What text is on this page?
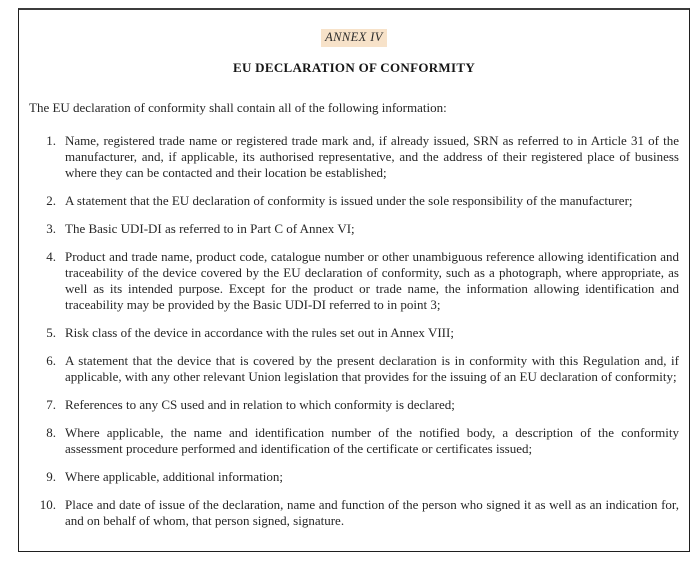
ANNEX IV
EU DECLARATION OF CONFORMITY

The EU declaration of conformity shall contain all of the following information:

1. Name, registered trade name or registered trade mark and, if already issued, SRN as referred to in Article 31 of the manufacturer, and, if applicable, its authorised representative, and the address of their registered place of business where they can be contacted and their location be established;
2. A statement that the EU declaration of conformity is issued under the sole responsibility of the manufacturer;
3. The Basic UDI-DI as referred to in Part C of Annex VI;
4. Product and trade name, product code, catalogue number or other unambiguous reference allowing identification and traceability of the device covered by the EU declaration of conformity, such as a photograph, where appropriate, as well as its intended purpose. Except for the product or trade name, the information allowing identification and traceability may be provided by the Basic UDI-DI referred to in point 3;
5. Risk class of the device in accordance with the rules set out in Annex VIII;
6. A statement that the device that is covered by the present declaration is in conformity with this Regulation and, if applicable, with any other relevant Union legislation that provides for the issuing of an EU declaration of conformity;
7. References to any CS used and in relation to which conformity is declared;
8. Where applicable, the name and identification number of the notified body, a description of the conformity assessment procedure performed and identification of the certificate or certificates issued;
9. Where applicable, additional information;
10. Place and date of issue of the declaration, name and function of the person who signed it as well as an indication for, and on behalf of whom, that person signed, signature.
